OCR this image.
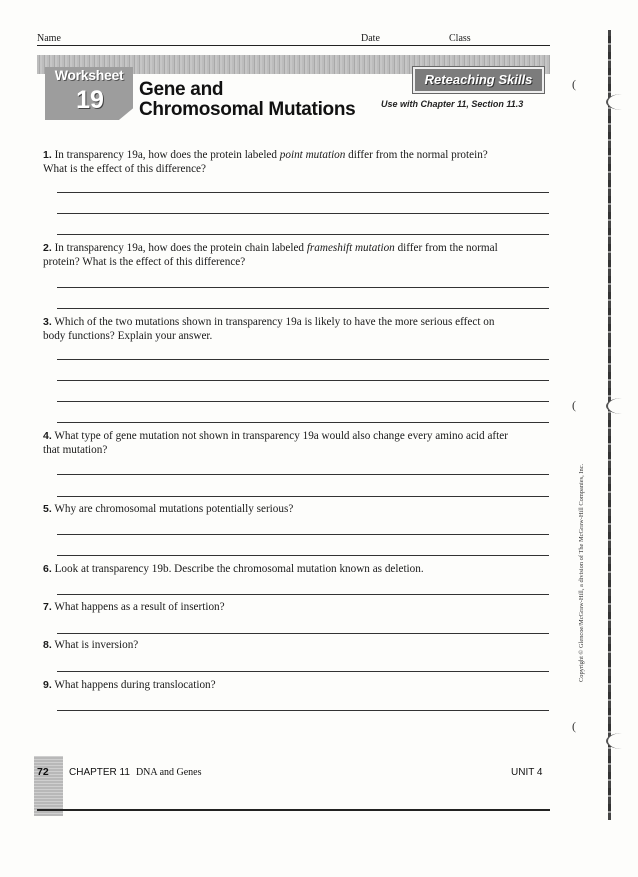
Name	Date	Class
Worksheet
19 Gene and
Chromosomal Mutations
Reteaching Skills
Use with Chapter 11, Section 11.3
1. In transparency 19a, how does the protein labeled point mutation differ from the normal protein? What is the effect of this difference?
2. In transparency 19a, how does the protein chain labeled frameshift mutation differ from the normal protein? What is the effect of this difference?
3. Which of the two mutations shown in transparency 19a is likely to have the more serious effect on body functions? Explain your answer.
4. What type of gene mutation not shown in transparency 19a would also change every amino acid after that mutation?
5. Why are chromosomal mutations potentially serious?
6. Look at transparency 19b. Describe the chromosomal mutation known as deletion.
7. What happens as a result of insertion?
8. What is inversion?
9. What happens during translocation?
Copyright © Glencoe/McGraw-Hill, a division of The McGraw-Hill Companies, Inc.
72 CHAPTER 11 DNA and Genes	UNIT 4
(
(
(
